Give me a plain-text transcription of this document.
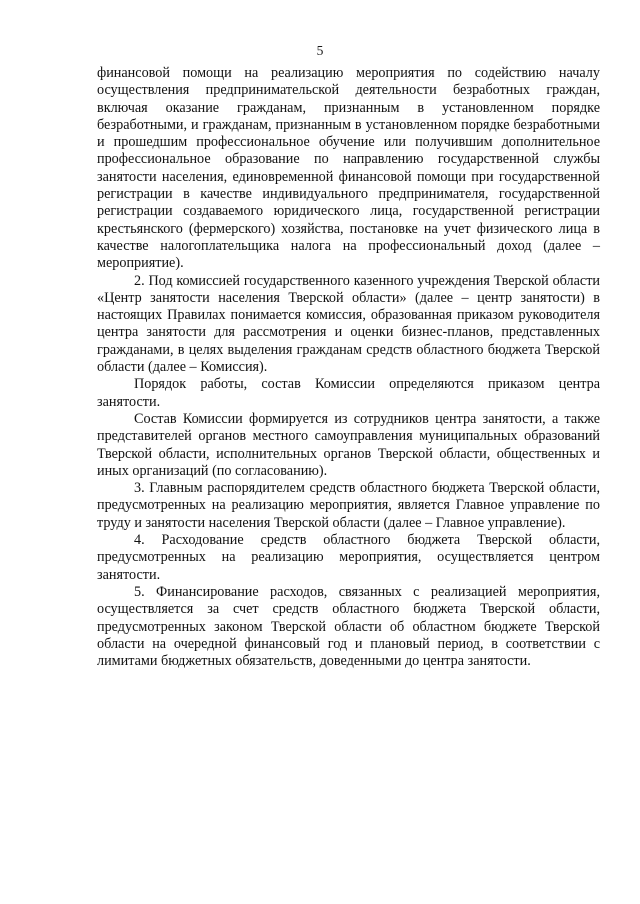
5

финансовой помощи на реализацию мероприятия по содействию началу осуществления предпринимательской деятельности безработных граждан, включая оказание гражданам, признанным в установленном порядке безработными, и гражданам, признанным в установленном порядке безработными и прошедшим профессиональное обучение или получившим дополнительное профессиональное образование по направлению государственной службы занятости населения, единовременной финансовой помощи при государственной регистрации в качестве индивидуального предпринимателя, государственной регистрации создаваемого юридического лица, государственной регистрации крестьянского (фермерского) хозяйства, постановке на учет физического лица в качестве налогоплательщика налога на профессиональный доход (далее – мероприятие).

2. Под комиссией государственного казенного учреждения Тверской области «Центр занятости населения Тверской области» (далее – центр занятости) в настоящих Правилах понимается комиссия, образованная приказом руководителя центра занятости для рассмотрения и оценки бизнес-планов, представленных гражданами, в целях выделения гражданам средств областного бюджета Тверской области (далее – Комиссия).

Порядок работы, состав Комиссии определяются приказом центра занятости.

Состав Комиссии формируется из сотрудников центра занятости, а также представителей органов местного самоуправления муниципальных образований Тверской области, исполнительных органов Тверской области, общественных и иных организаций (по согласованию).

3. Главным распорядителем средств областного бюджета Тверской области, предусмотренных на реализацию мероприятия, является Главное управление по труду и занятости населения Тверской области (далее – Главное управление).

4. Расходование средств областного бюджета Тверской области, предусмотренных на реализацию мероприятия, осуществляется центром занятости.

5. Финансирование расходов, связанных с реализацией мероприятия, осуществляется за счет средств областного бюджета Тверской области, предусмотренных законом Тверской области об областном бюджете Тверской области на очередной финансовый год и плановый период, в соответствии с лимитами бюджетных обязательств, доведенными до центра занятости.
